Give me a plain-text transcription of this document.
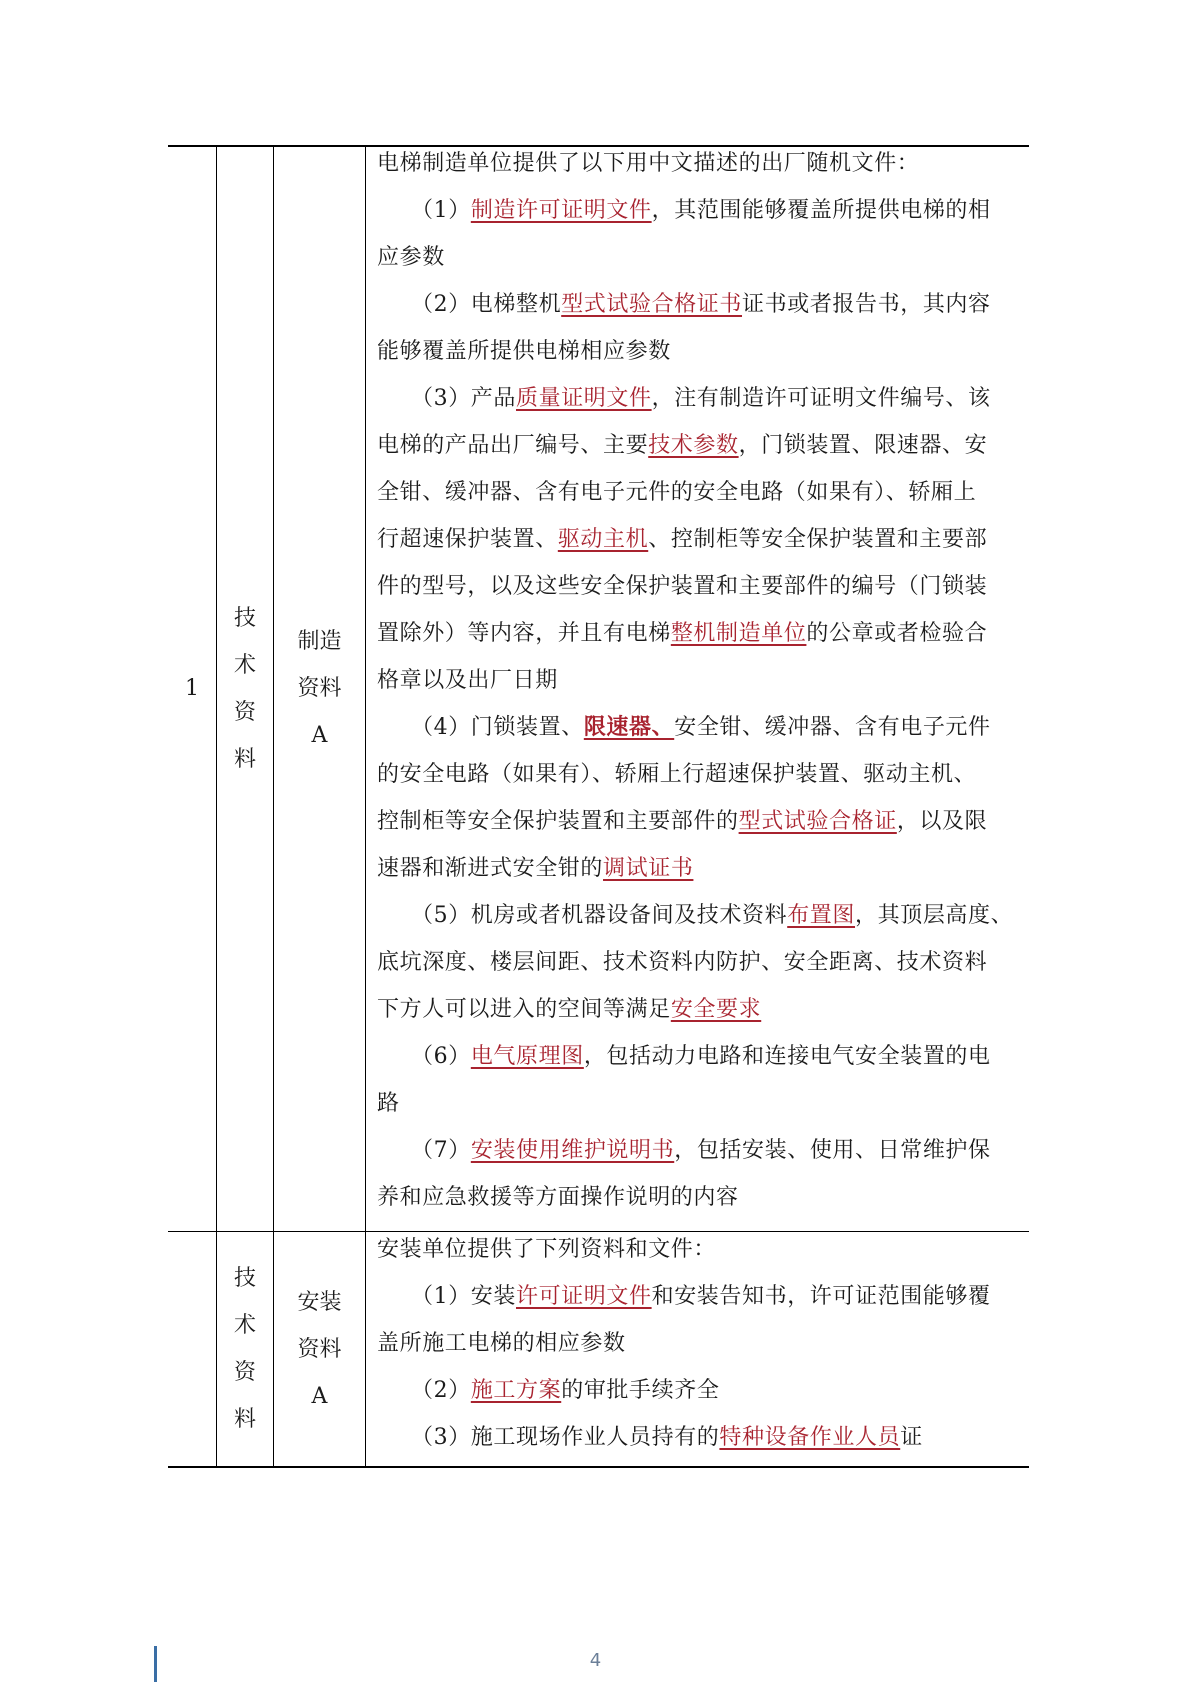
1
技
术
资
料
制造
资料
A
电梯制造单位提供了以下用中文描述的出厂随机文件：
（1）制造许可证明文件，其范围能够覆盖所提供电梯的相
应参数
（2）电梯整机型式试验合格证书证书或者报告书，其内容
能够覆盖所提供电梯相应参数
（3）产品质量证明文件，注有制造许可证明文件编号、该
电梯的产品出厂编号、主要技术参数，门锁装置、限速器、安
全钳、缓冲器、含有电子元件的安全电路（如果有）、轿厢上
行超速保护装置、驱动主机、控制柜等安全保护装置和主要部
件的型号，以及这些安全保护装置和主要部件的编号（门锁装
置除外）等内容，并且有电梯整机制造单位的公章或者检验合
格章以及出厂日期
（4）门锁装置、限速器、安全钳、缓冲器、含有电子元件
的安全电路（如果有）、轿厢上行超速保护装置、驱动主机、
控制柜等安全保护装置和主要部件的型式试验合格证，以及限
速器和渐进式安全钳的调试证书
（5）机房或者机器设备间及技术资料布置图，其顶层高度、
底坑深度、楼层间距、技术资料内防护、安全距离、技术资料
下方人可以进入的空间等满足安全要求
（6）电气原理图，包括动力电路和连接电气安全装置的电
路
（7）安装使用维护说明书，包括安装、使用、日常维护保
养和应急救援等方面操作说明的内容
技
术
资
料
安装
资料
A
安装单位提供了下列资料和文件：
（1）安装许可证明文件和安装告知书，许可证范围能够覆
盖所施工电梯的相应参数
（2）施工方案的审批手续齐全
（3）施工现场作业人员持有的特种设备作业人员证
4
